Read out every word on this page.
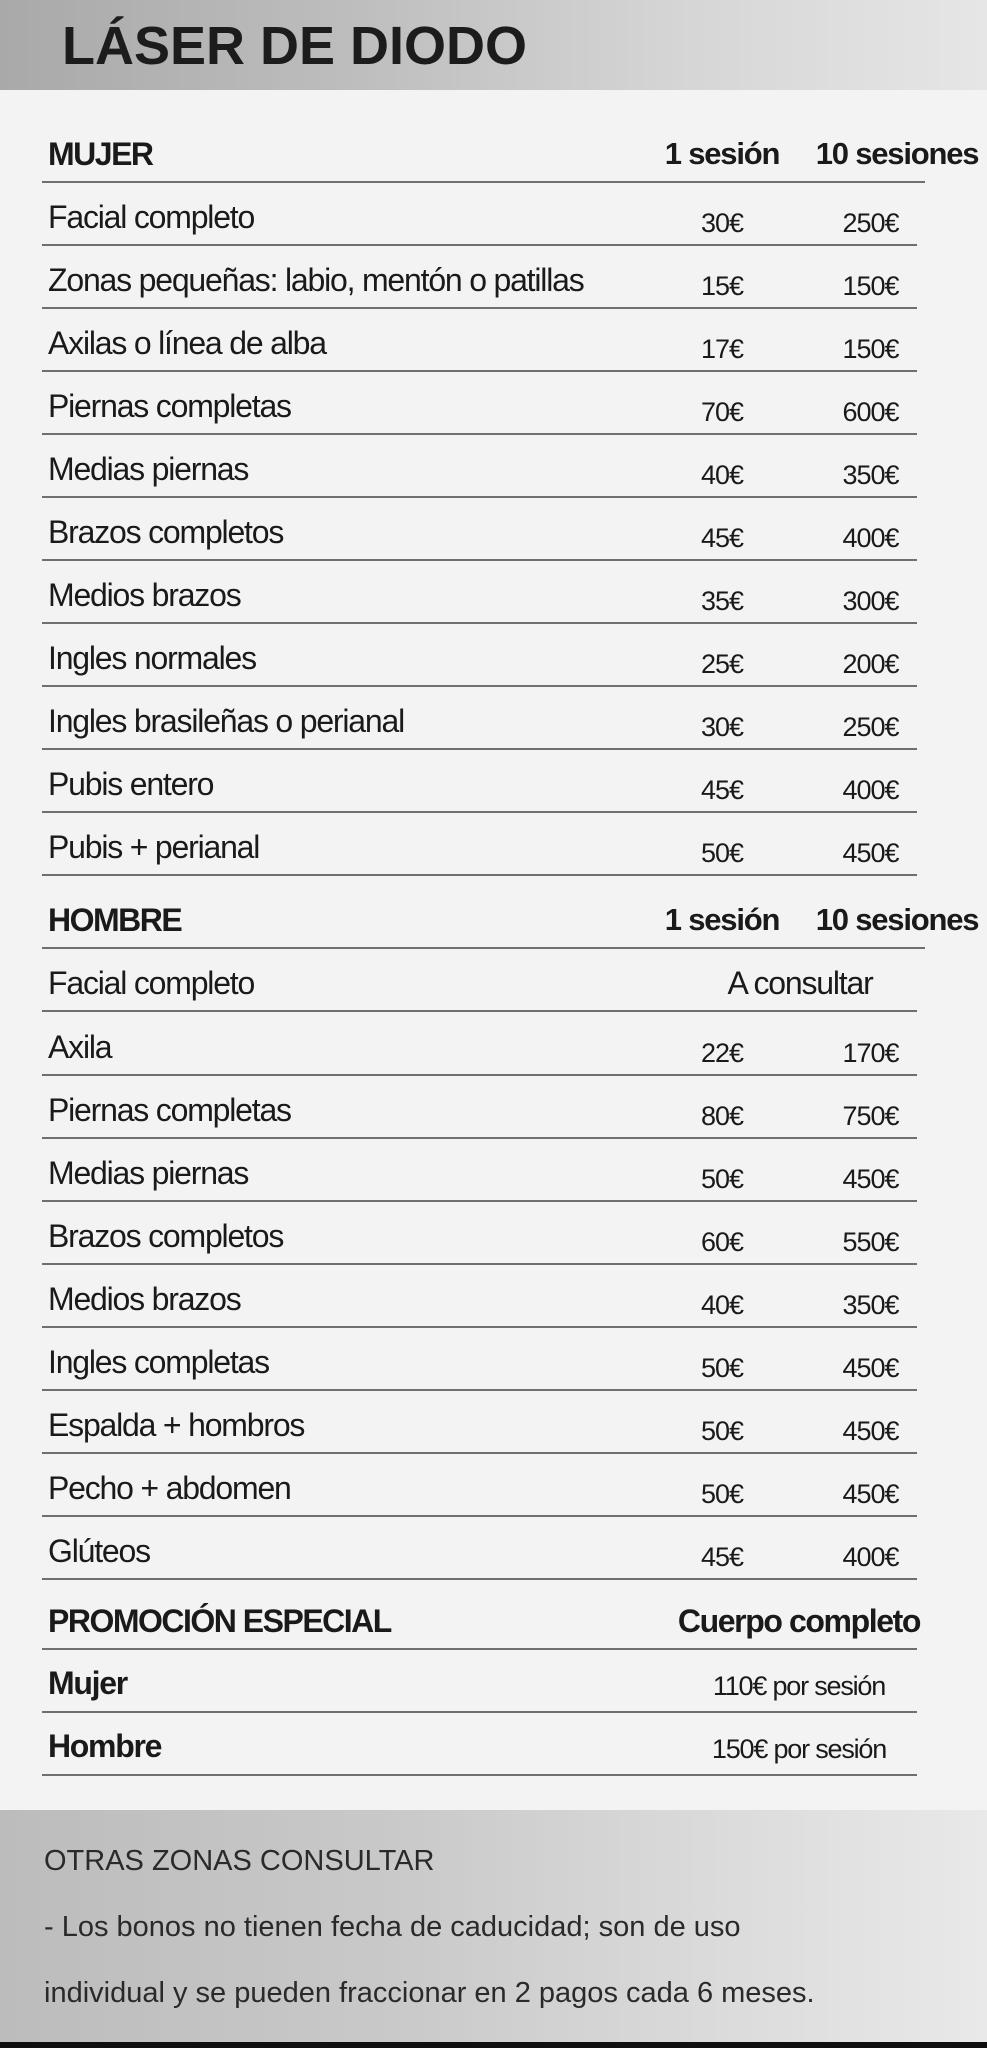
LÁSER DE DIODO
MUJER	1 sesión	10 sesiones
Facial completo	30€	250€
Zonas pequeñas: labio, mentón o patillas	15€	150€
Axilas o línea de alba	17€	150€
Piernas completas	70€	600€
Medias piernas	40€	350€
Brazos completos	45€	400€
Medios brazos	35€	300€
Ingles normales	25€	200€
Ingles brasileñas o perianal	30€	250€
Pubis entero	45€	400€
Pubis + perianal	50€	450€
HOMBRE	1 sesión	10 sesiones
Facial completo	A consultar
Axila	22€	170€
Piernas completas	80€	750€
Medias piernas	50€	450€
Brazos completos	60€	550€
Medios brazos	40€	350€
Ingles completas	50€	450€
Espalda + hombros	50€	450€
Pecho + abdomen	50€	450€
Glúteos	45€	400€
PROMOCIÓN ESPECIAL	Cuerpo completo
Mujer	110€ por sesión
Hombre	150€ por sesión
OTRAS ZONAS CONSULTAR
- Los bonos no tienen fecha de caducidad; son de uso
individual y se pueden fraccionar en 2 pagos cada 6 meses.
